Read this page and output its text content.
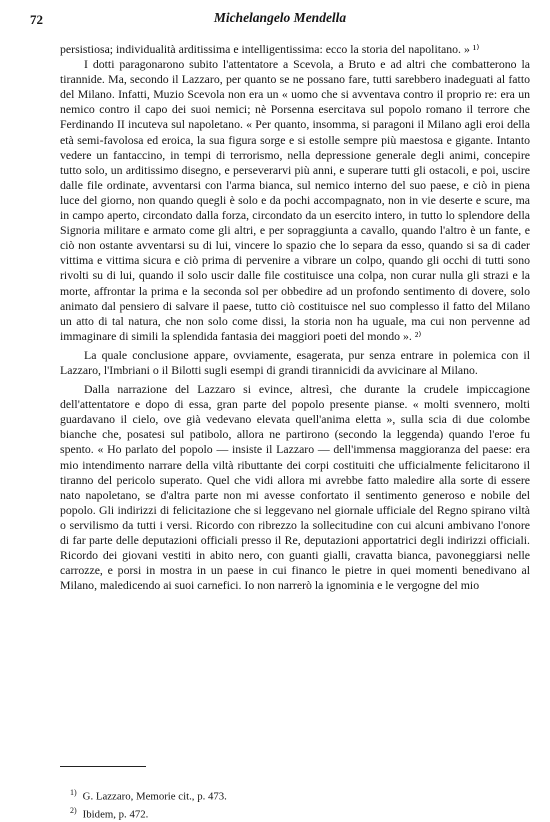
72	Michelangelo Mendella

persistiosa; individualità arditissima e intelligentissima: ecco la storia del napolitano. » ¹⁾

I dotti paragonarono subito l'attentatore a Scevola, a Bruto e ad altri che combatterono la tirannide. Ma, secondo il Lazzaro, per quanto se ne possano fare, tutti sarebbero inadeguati al fatto del Milano. Infatti, Muzio Scevola non era un « uomo che si avventava contro il proprio re: era un nemico contro il capo dei suoi nemici; nè Porsenna esercitava sul popolo romano il terrore che Ferdinando II incuteva sul napoletano. « Per quanto, insomma, si paragoni il Milano agli eroi della età semi-favolosa ed eroica, la sua figura sorge e si estolle sempre più maestosa e gigante. Intanto vedere un fantaccino, in tempi di terrorismo, nella depressione generale degli animi, concepire tutto solo, un arditissimo disegno, e perseverarvi più anni, e superare tutti gli ostacoli, e poi, uscire dalle file ordinate, avventarsi con l'arma bianca, sul nemico interno del suo paese, e ciò in piena luce del giorno, non quando quegli è solo e da pochi accompagnato, non in vie deserte e scure, ma in campo aperto, circondato dalla forza, circondato da un esercito intero, in tutto lo splendore della Signoria militare e armato come gli altri, e per sopraggiunta a cavallo, quando l'altro è un fante, e ciò non ostante avventarsi su di lui, vincere lo spazio che lo separa da esso, quando si sa di cader vittima e vittima sicura e ciò prima di pervenire a vibrare un colpo, quando gli occhi di tutti sono rivolti su di lui, quando il solo uscir dalle file costituisce una colpa, non curar nulla gli strazi e la morte, affrontar la prima e la seconda sol per obbedire ad un profondo sentimento di dovere, solo animato dal pensiero di salvare il paese, tutto ciò costituisce nel suo complesso il fatto del Milano un atto di tal natura, che non solo come dissi, la storia non ha uguale, ma cui non pervenne ad immaginare di simili la splendida fantasia dei maggiori poeti del mondo ». ²⁾

La quale conclusione appare, ovviamente, esagerata, pur senza entrare in polemica con il Lazzaro, l'Imbriani o il Bilotti sugli esempi di grandi tirannicidi da avvicinare al Milano.

Dalla narrazione del Lazzaro si evince, altresì, che durante la crudele impiccagione dell'attentatore e dopo di essa, gran parte del popolo presente pianse. « molti svennero, molti guardavano il cielo, ove già vedevano elevata quell'anima eletta », sulla scia di due colombe bianche che, posatesi sul patibolo, allora ne partirono (secondo la leggenda) quando l'eroe fu spento. « Ho parlato del popolo — insiste il Lazzaro — dell'immensa maggioranza del paese: era mio intendimento narrare della viltà ributtante dei corpi costituiti che ufficialmente felicitarono il tiranno del pericolo superato. Quel che vidi allora mi avrebbe fatto maledire alla sorte di essere nato napoletano, se d'altra parte non mi avesse confortato il sentimento generoso e nobile del popolo. Gli indirizzi di felicitazione che si leggevano nel giornale ufficiale del Regno spirano viltà o servilismo da tutti i versi. Ricordo con ribrezzo la sollecitudine con cui alcuni ambivano l'onore di far parte delle deputazioni officiali presso il Re, deputazioni apportatrici degli indirizzi officiali. Ricordo dei giovani vestiti in abito nero, con guanti gialli, cravatta bianca, pavoneggiarsi nelle carrozze, e porsi in mostra in un paese in cui financo le pietre in quei momenti benedivano al Milano, maledicendo ai suoi carnefici. Io non narrerò la ignominia e le vergogne del mio

$^{1)}$ G. Lazzaro, Memorie cit., p. 473.
$^{2)}$ Ibidem, p. 472.
